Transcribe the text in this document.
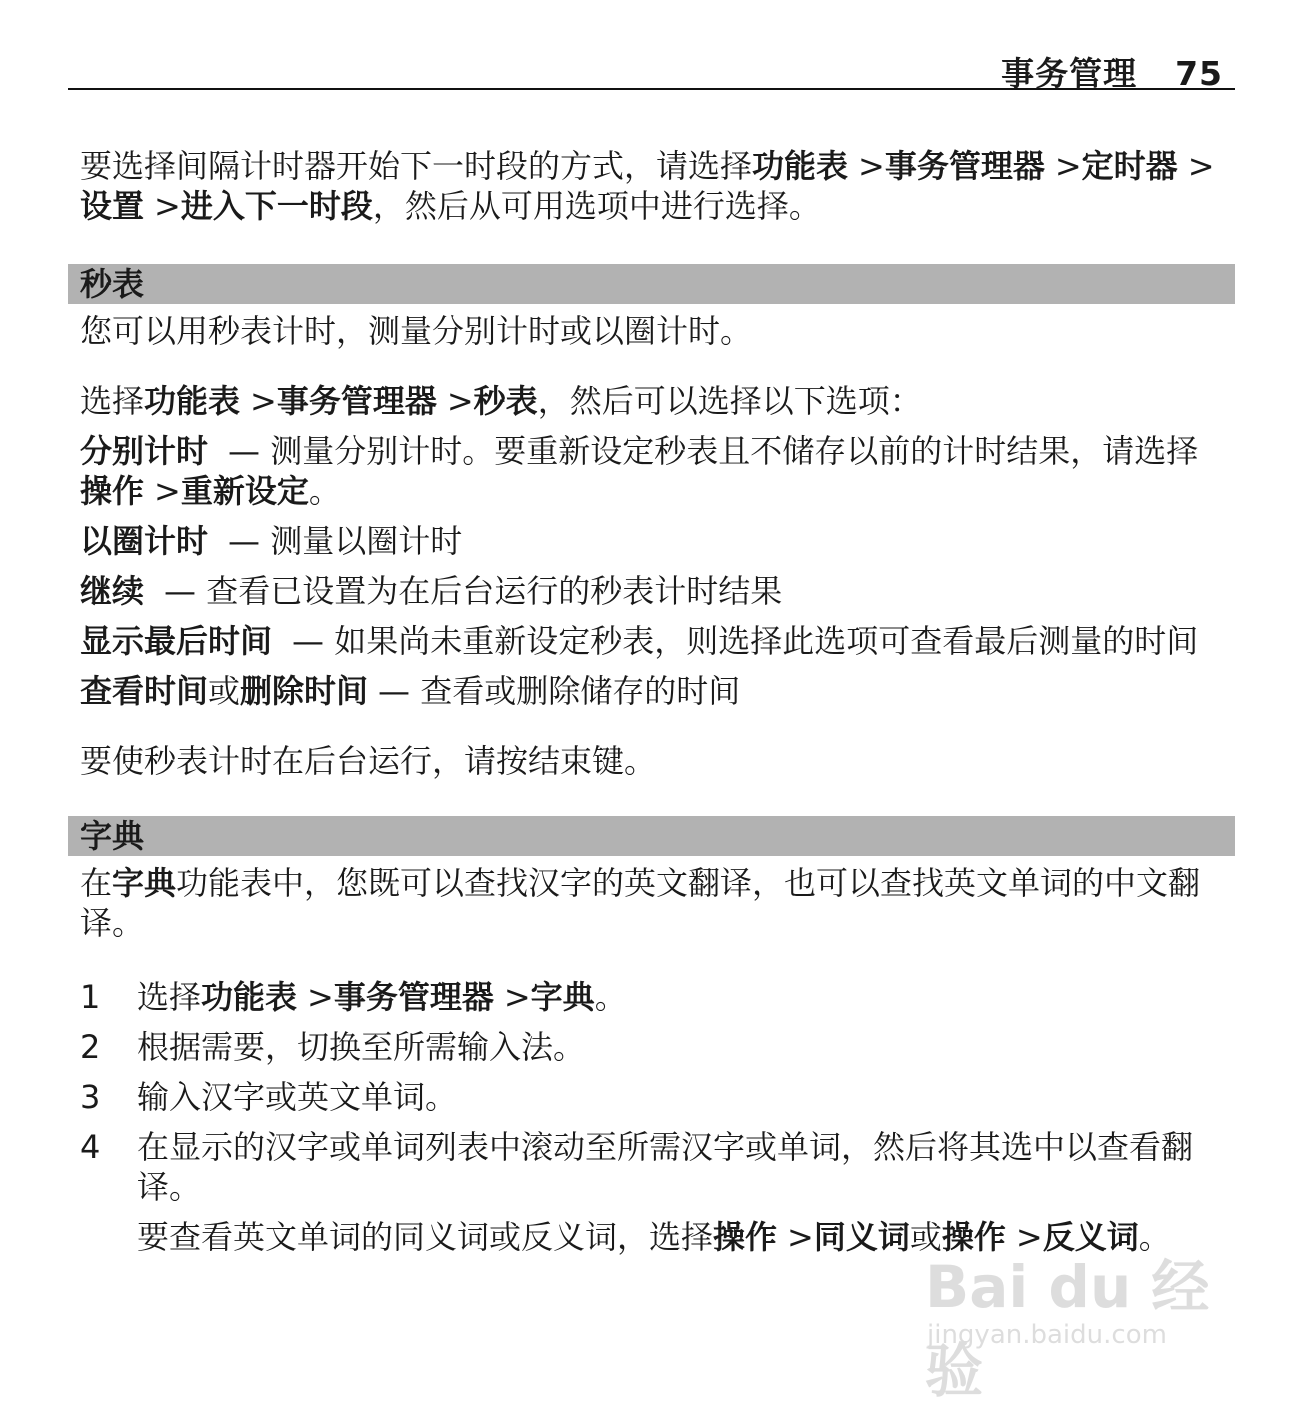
事务管理 75

要选择间隔计时器开始下一时段的方式，请选择功能表 >事务管理器 >定时器 >设置 >进入下一时段，然后从可用选项中进行选择。

秒表

您可以用秒表计时，测量分别计时或以圈计时。

选择功能表 >事务管理器 >秒表，然后可以选择以下选项：

分别计时 — 测量分别计时。要重新设定秒表且不储存以前的计时结果，请选择操作 >重新设定。

以圈计时 — 测量以圈计时

继续 — 查看已设置为在后台运行的秒表计时结果

显示最后时间 — 如果尚未重新设定秒表，则选择此选项可查看最后测量的时间

查看时间或删除时间 — 查看或删除储存的时间

要使秒表计时在后台运行，请按结束键。

字典

在字典功能表中，您既可以查找汉字的英文翻译，也可以查找英文单词的中文翻译。

1 选择功能表 >事务管理器 >字典。
2 根据需要，切换至所需输入法。
3 输入汉字或英文单词。
4 在显示的汉字或单词列表中滚动至所需汉字或单词，然后将其选中以查看翻译。
要查看英文单词的同义词或反义词，选择操作 >同义词或操作 >反义词。
Bai du 经验
jingyan.baidu.com
